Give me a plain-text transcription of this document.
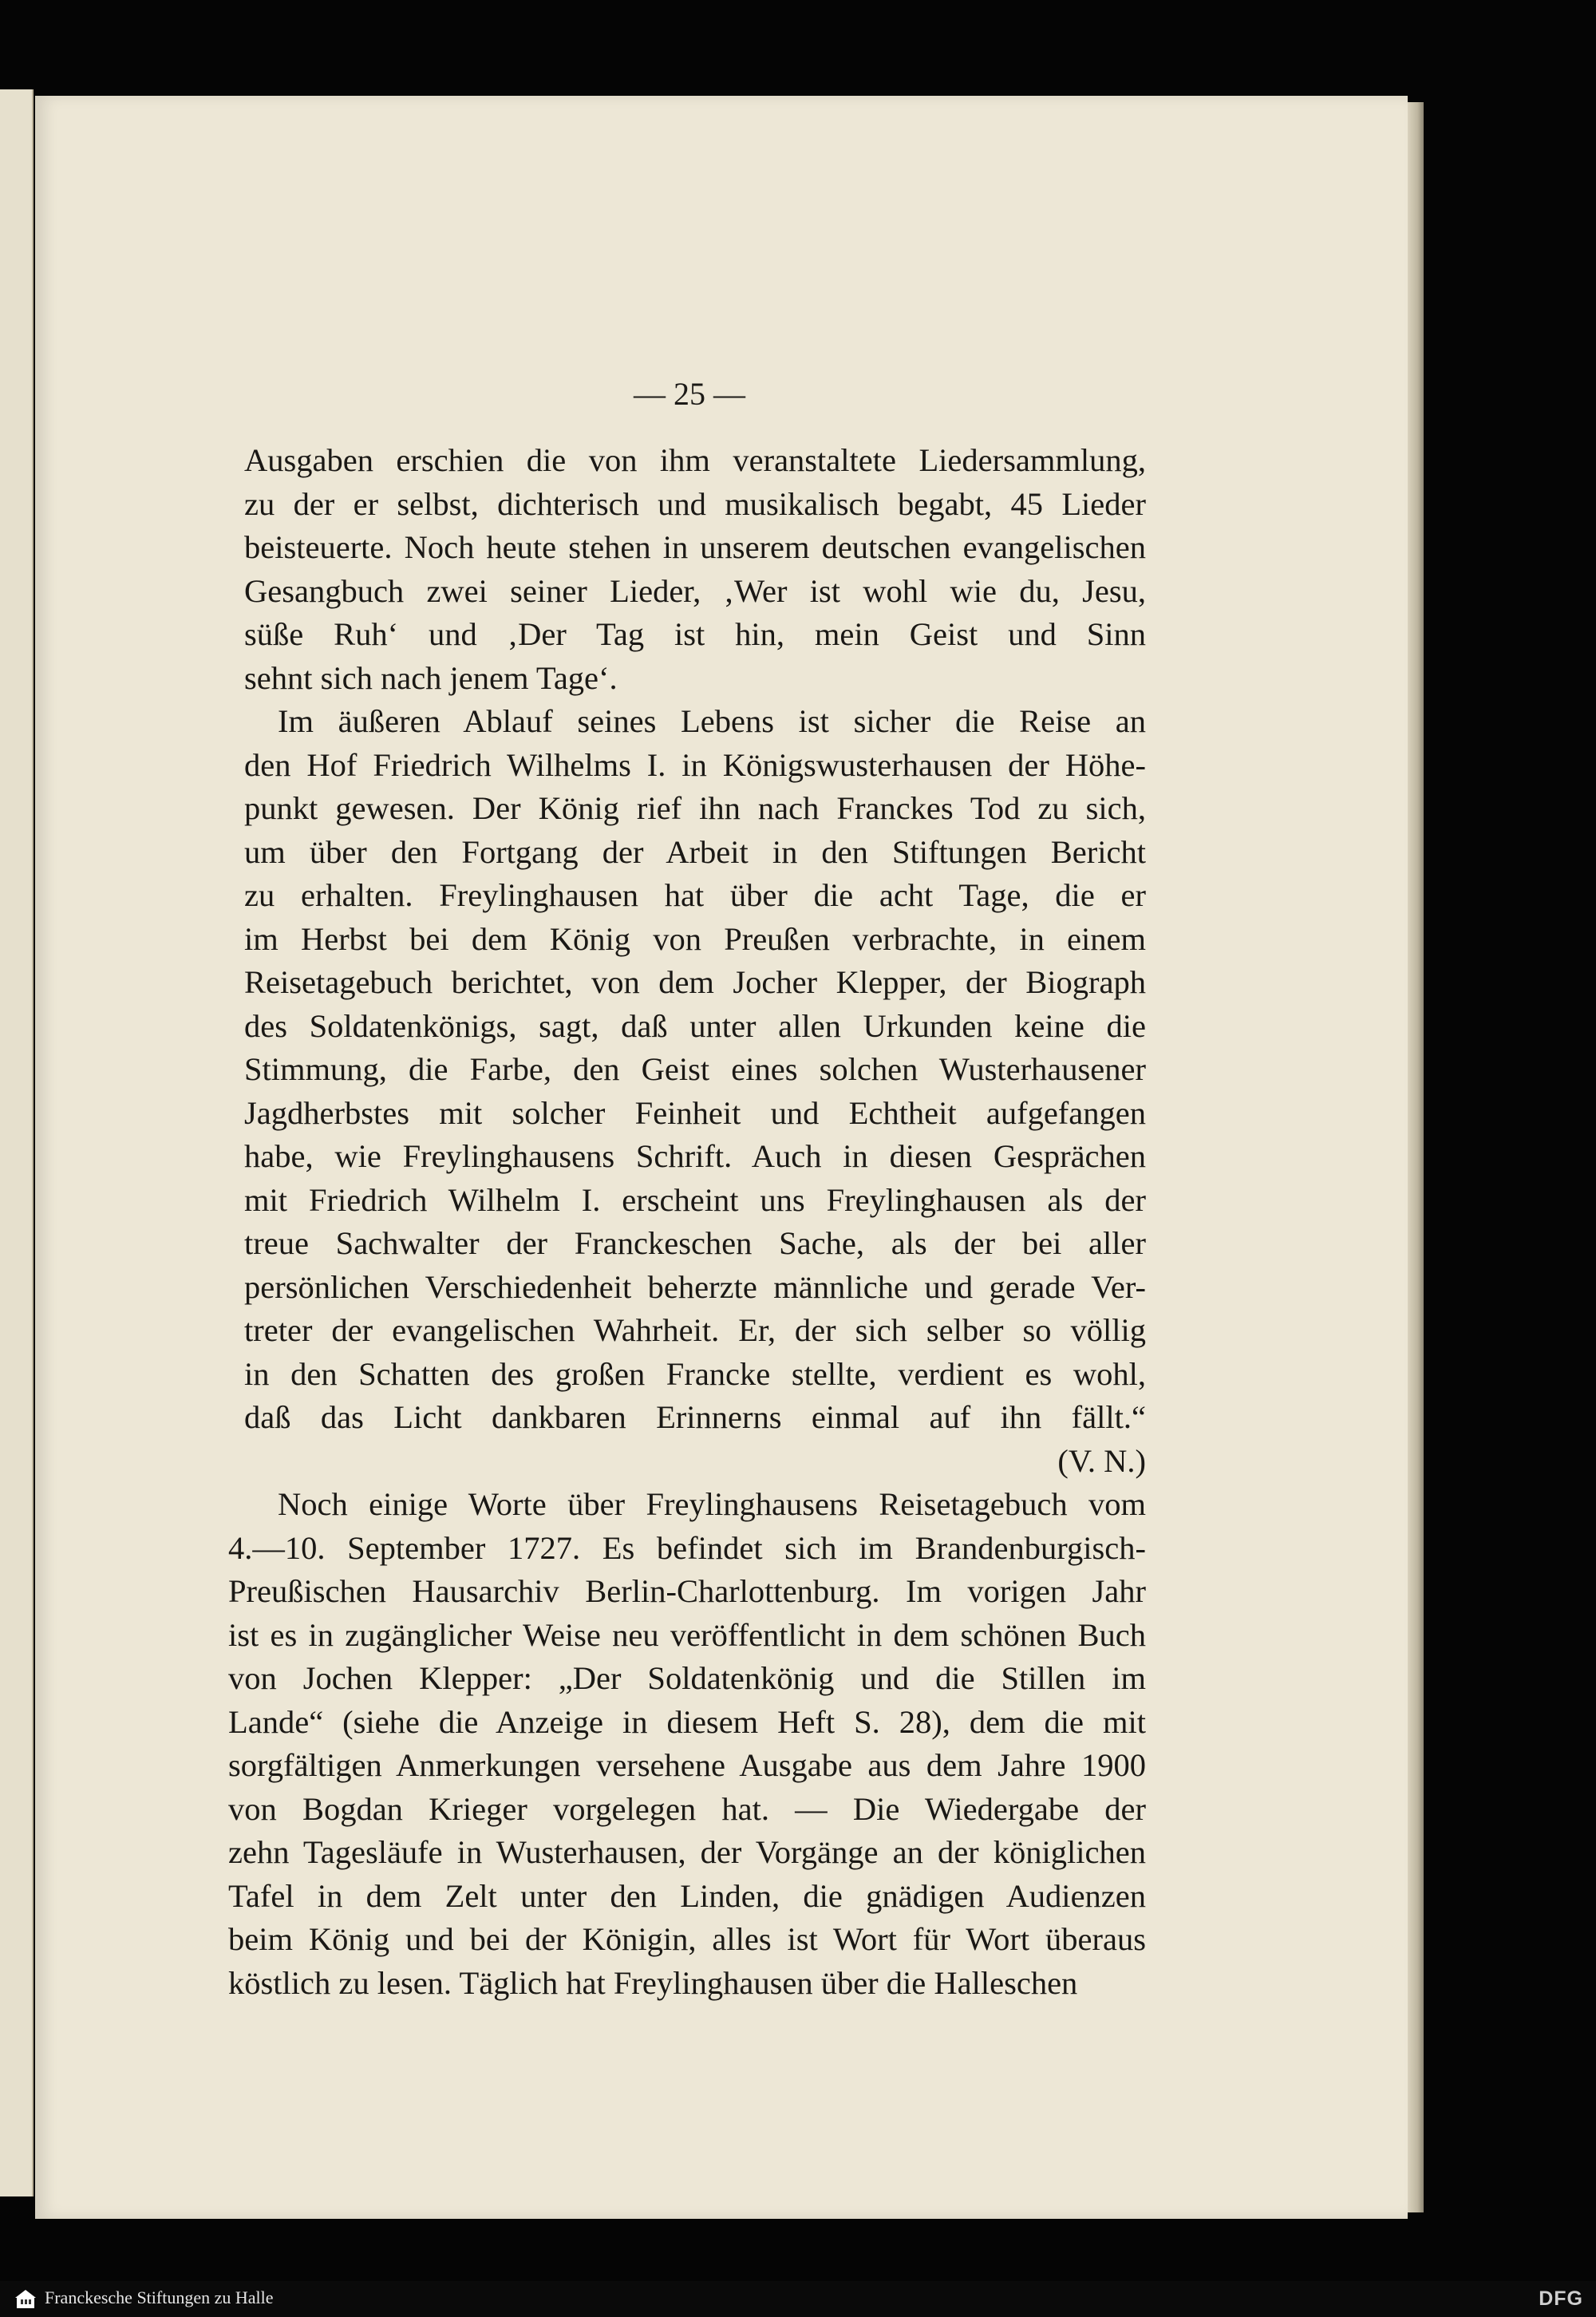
— 25 —
Ausgaben erschien die von ihm veranstaltete Liedersammlung,
zu der er selbst, dichterisch und musikalisch begabt, 45 Lieder
beisteuerte. Noch heute stehen in unserem deutschen evangelischen
Gesangbuch zwei seiner Lieder, ‚Wer ist wohl wie du, Jesu,
süße Ruh‘ und ‚Der Tag ist hin, mein Geist und Sinn
sehnt sich nach jenem Tage‘.
Im äußeren Ablauf seines Lebens ist sicher die Reise an
den Hof Friedrich Wilhelms I. in Königswusterhausen der Höhe-
punkt gewesen. Der König rief ihn nach Franckes Tod zu sich,
um über den Fortgang der Arbeit in den Stiftungen Bericht
zu erhalten. Freylinghausen hat über die acht Tage, die er
im Herbst bei dem König von Preußen verbrachte, in einem
Reisetagebuch berichtet, von dem Jocher Klepper, der Biograph
des Soldatenkönigs, sagt, daß unter allen Urkunden keine die
Stimmung, die Farbe, den Geist eines solchen Wusterhausener
Jagdherbstes mit solcher Feinheit und Echtheit aufgefangen
habe, wie Freylinghausens Schrift. Auch in diesen Gesprächen
mit Friedrich Wilhelm I. erscheint uns Freylinghausen als der
treue Sachwalter der Franckeschen Sache, als der bei aller
persönlichen Verschiedenheit beherzte männliche und gerade Ver-
treter der evangelischen Wahrheit. Er, der sich selber so völlig
in den Schatten des großen Francke stellte, verdient es wohl,
daß das Licht dankbaren Erinnerns einmal auf ihn fällt.“
(V. N.)
Noch einige Worte über Freylinghausens Reisetagebuch vom
4.—10. September 1727. Es befindet sich im Brandenburgisch-
Preußischen Hausarchiv Berlin-Charlottenburg. Im vorigen Jahr
ist es in zugänglicher Weise neu veröffentlicht in dem schönen Buch
von Jochen Klepper: „Der Soldatenkönig und die Stillen im
Lande“ (siehe die Anzeige in diesem Heft S. 28), dem die mit
sorgfältigen Anmerkungen versehene Ausgabe aus dem Jahre 1900
von Bogdan Krieger vorgelegen hat. — Die Wiedergabe der
zehn Tagesläufe in Wusterhausen, der Vorgänge an der königlichen
Tafel in dem Zelt unter den Linden, die gnädigen Audienzen
beim König und bei der Königin, alles ist Wort für Wort überaus
köstlich zu lesen. Täglich hat Freylinghausen über die Halleschen
Franckesche Stiftungen zu Halle	DFG
